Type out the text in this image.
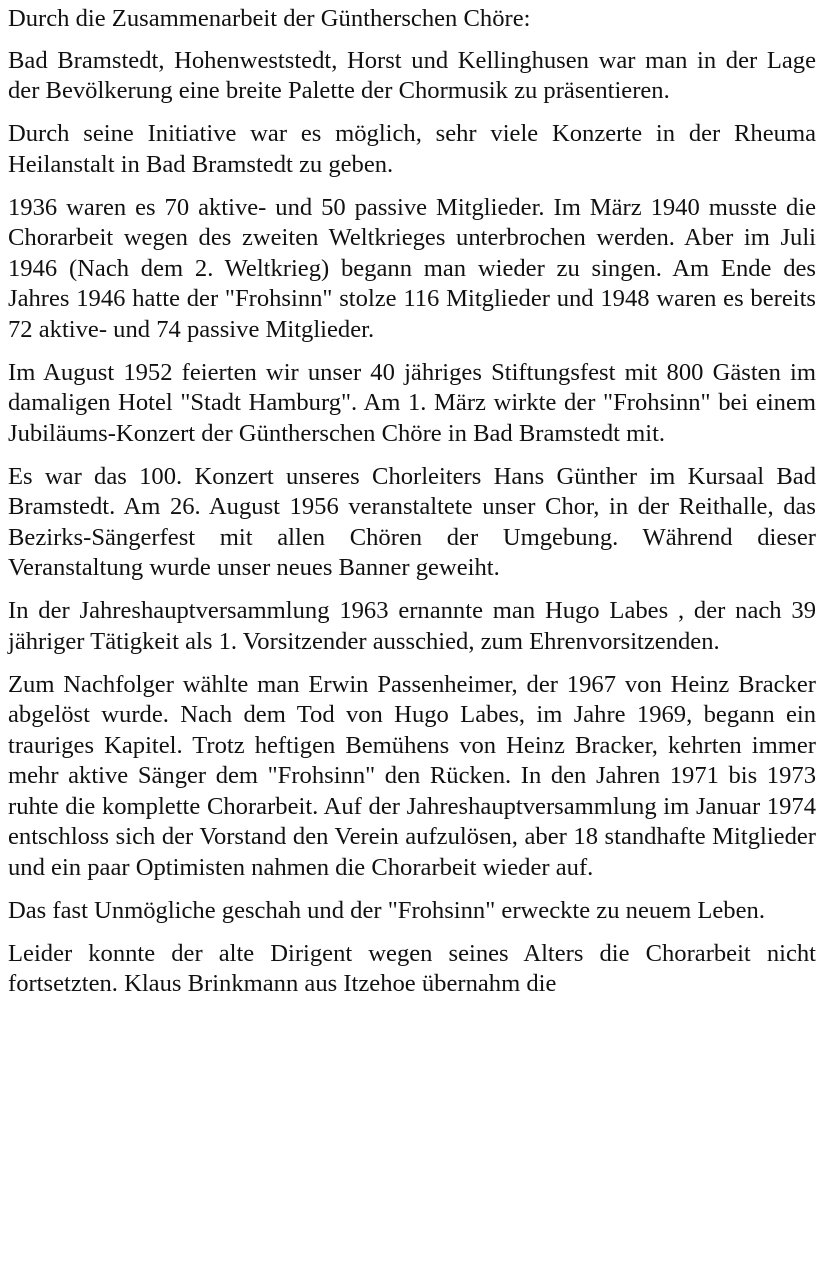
Durch die Zusammenarbeit der Güntherschen Chöre:

Bad Bramstedt, Hohenweststedt, Horst und Kellinghusen war man in der Lage der Bevölkerung eine breite Palette der Chormusik zu präsentieren.

Durch seine Initiative war es möglich, sehr viele Konzerte in der Rheuma Heilanstalt in Bad Bramstedt zu geben.

1936 waren es 70 aktive- und 50 passive Mitglieder. Im März 1940 musste die Chorarbeit wegen des zweiten Weltkrieges unterbrochen werden. Aber im Juli 1946 (Nach dem 2. Weltkrieg) begann man wieder zu singen. Am Ende des Jahres 1946 hatte der "Frohsinn" stolze 116 Mitglieder und 1948 waren es bereits 72 aktive- und 74 passive Mitglieder.

Im August 1952 feierten wir unser 40 jähriges Stiftungsfest mit 800 Gästen im damaligen Hotel "Stadt Hamburg". Am 1. März wirkte der "Frohsinn" bei einem Jubiläums-Konzert der Güntherschen Chöre in Bad Bramstedt mit.

Es war das 100. Konzert unseres Chorleiters Hans Günther im Kursaal Bad Bramstedt. Am 26. August 1956 veranstaltete unser Chor, in der Reithalle, das Bezirks-Sängerfest mit allen Chören der Umgebung. Während dieser Veranstaltung wurde unser neues Banner geweiht.

In der Jahreshauptversammlung 1963 ernannte man Hugo Labes , der nach 39 jähriger Tätigkeit als 1. Vorsitzender ausschied, zum Ehrenvorsitzenden.

Zum Nachfolger wählte man Erwin Passenheimer, der 1967 von Heinz Bracker abgelöst wurde. Nach dem Tod von Hugo Labes, im Jahre 1969, begann ein trauriges Kapitel. Trotz heftigen Bemühens von Heinz Bracker, kehrten immer mehr aktive Sänger dem "Frohsinn" den Rücken. In den Jahren 1971 bis 1973 ruhte die komplette Chorarbeit. Auf der Jahreshauptversammlung im Januar 1974 entschloss sich der Vorstand den Verein aufzulösen, aber 18 standhafte Mitglieder und ein paar Optimisten nahmen die Chorarbeit wieder auf.

Das fast Unmögliche geschah und der "Frohsinn" erweckte zu neuem Leben.

Leider konnte der alte Dirigent wegen seines Alters die Chorarbeit nicht fortsetzten. Klaus Brinkmann aus Itzehoe übernahm die
